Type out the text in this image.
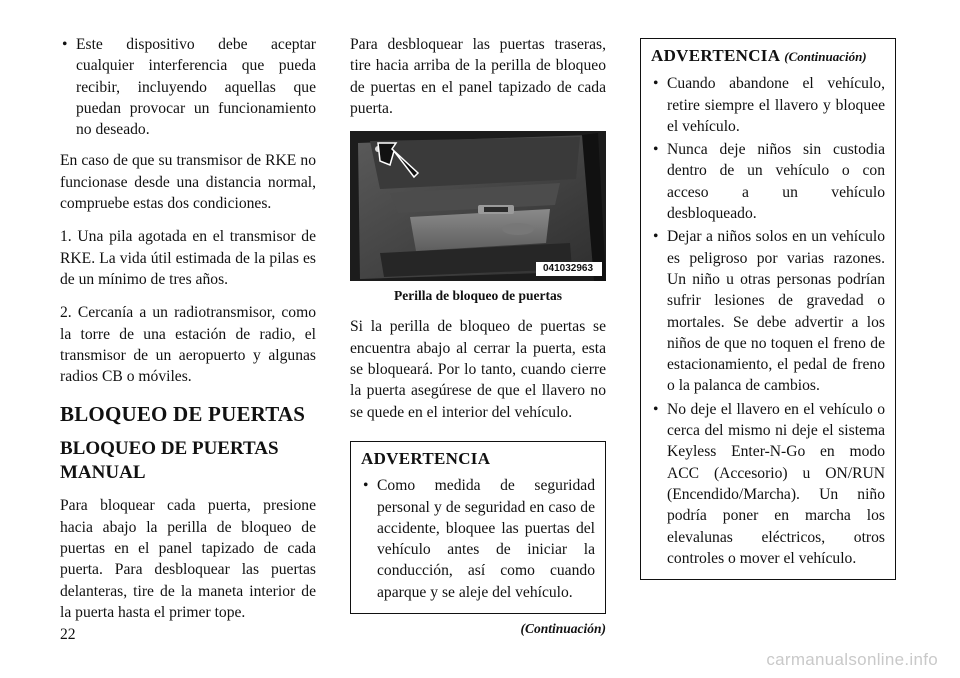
• Este dispositivo debe aceptar cualquier interferencia que pueda recibir, incluyendo aquellas que puedan provocar un funcionamiento no deseado.

En caso de que su transmisor de RKE no funcionase desde una distancia normal, compruebe estas dos condiciones.

1. Una pila agotada en el transmisor de RKE. La vida útil estimada de la pilas es de un mínimo de tres años.

2. Cercanía a un radiotransmisor, como la torre de una estación de radio, el transmisor de un aeropuerto y algunas radios CB o móviles.

BLOQUEO DE PUERTAS
BLOQUEO DE PUERTAS MANUAL

Para bloquear cada puerta, presione hacia abajo la perilla de bloqueo de puertas en el panel tapizado de cada puerta. Para desbloquear las puertas delanteras, tire de la maneta interior de la puerta hasta el primer tope.

Para desbloquear las puertas traseras, tire hacia arriba de la perilla de bloqueo de puertas en el panel tapizado de cada puerta.

041032963
Perilla de bloqueo de puertas

Si la perilla de bloqueo de puertas se encuentra abajo al cerrar la puerta, esta se bloqueará. Por lo tanto, cuando cierre la puerta asegúrese de que el llavero no se quede en el interior del vehículo.

ADVERTENCIA
• Como medida de seguridad personal y de seguridad en caso de accidente, bloquee las puertas del vehículo antes de iniciar la conducción, así como cuando aparque y se aleje del vehículo.
(Continuación)
ADVERTENCIA (Continuación)
• Cuando abandone el vehículo, retire siempre el llavero y bloquee el vehículo.
• Nunca deje niños sin custodia dentro de un vehículo o con acceso a un vehículo desbloqueado.
• Dejar a niños solos en un vehículo es peligroso por varias razones. Un niño u otras personas podrían sufrir lesiones de gravedad o mortales. Se debe advertir a los niños de que no toquen el freno de estacionamiento, el pedal de freno o la palanca de cambios.
• No deje el llavero en el vehículo o cerca del mismo ni deje el sistema Keyless Enter-N-Go en modo ACC (Accesorio) u ON/RUN (Encendido/Marcha). Un niño podría poner en marcha los elevalunas eléctricos, otros controles o mover el vehículo.
22
carmanualsonline.info
